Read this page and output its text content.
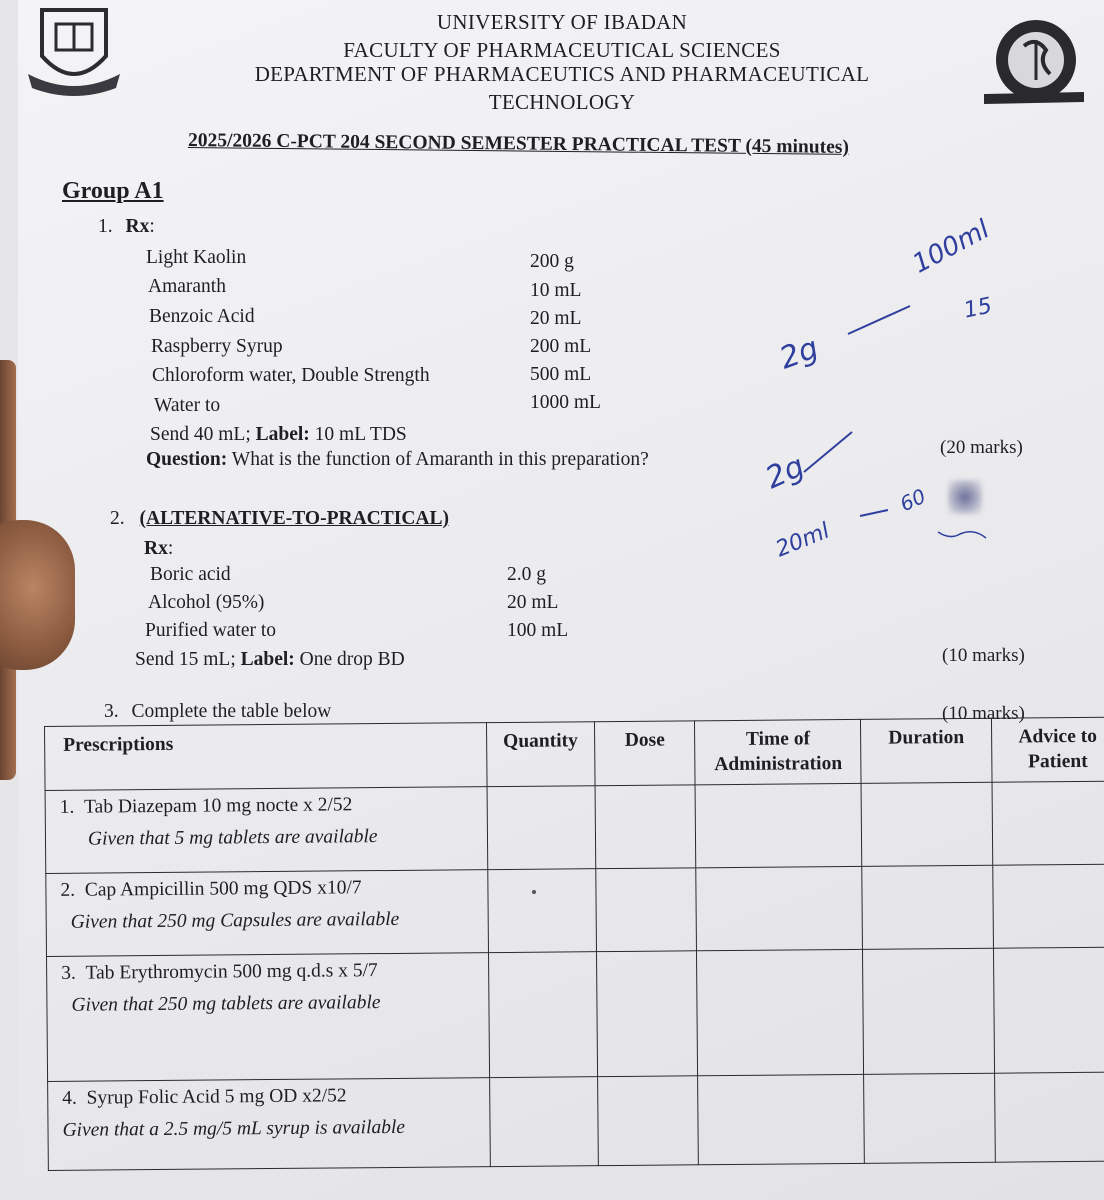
UNIVERSITY OF IBADAN
FACULTY OF PHARMACEUTICAL SCIENCES
DEPARTMENT OF PHARMACEUTICS AND PHARMACEUTICAL
TECHNOLOGY
2025/2026 C-PCT 204 SECOND SEMESTER PRACTICAL TEST (45 minutes)
Group A1
1. Rx:
Light Kaolin	200 g
Amaranth	10 mL
Benzoic Acid	20 mL
Raspberry Syrup	200 mL
Chloroform water, Double Strength	500 mL
Water to	1000 mL
Send 40 mL; Label: 10 mL TDS
Question: What is the function of Amaranth in this preparation?
(20 marks)
2. (ALTERNATIVE-TO-PRACTICAL)
Rx:
Boric acid	2.0 g
Alcohol (95%)	20 mL
Purified water to	100 mL
Send 15 mL; Label: One drop BD	(10 marks)
3. Complete the table below	(10 marks)
Prescriptions	Quantity	Dose	Time of Administration	Duration	Advice to Patient

1. Tab Diazepam 10 mg nocte x 2/52
Given that 5 mg tablets are available					

2. Cap Ampicillin 500 mg QDS x10/7
Given that 250 mg Capsules are available					

3. Tab Erythromycin 500 mg q.d.s x 5/7
Given that 250 mg tablets are available					

4. Syrup Folic Acid 5 mg OD x2/52
Given that a 2.5 mg/5 mL syrup is available					

100ml
15
2g
2g
20ml
60
